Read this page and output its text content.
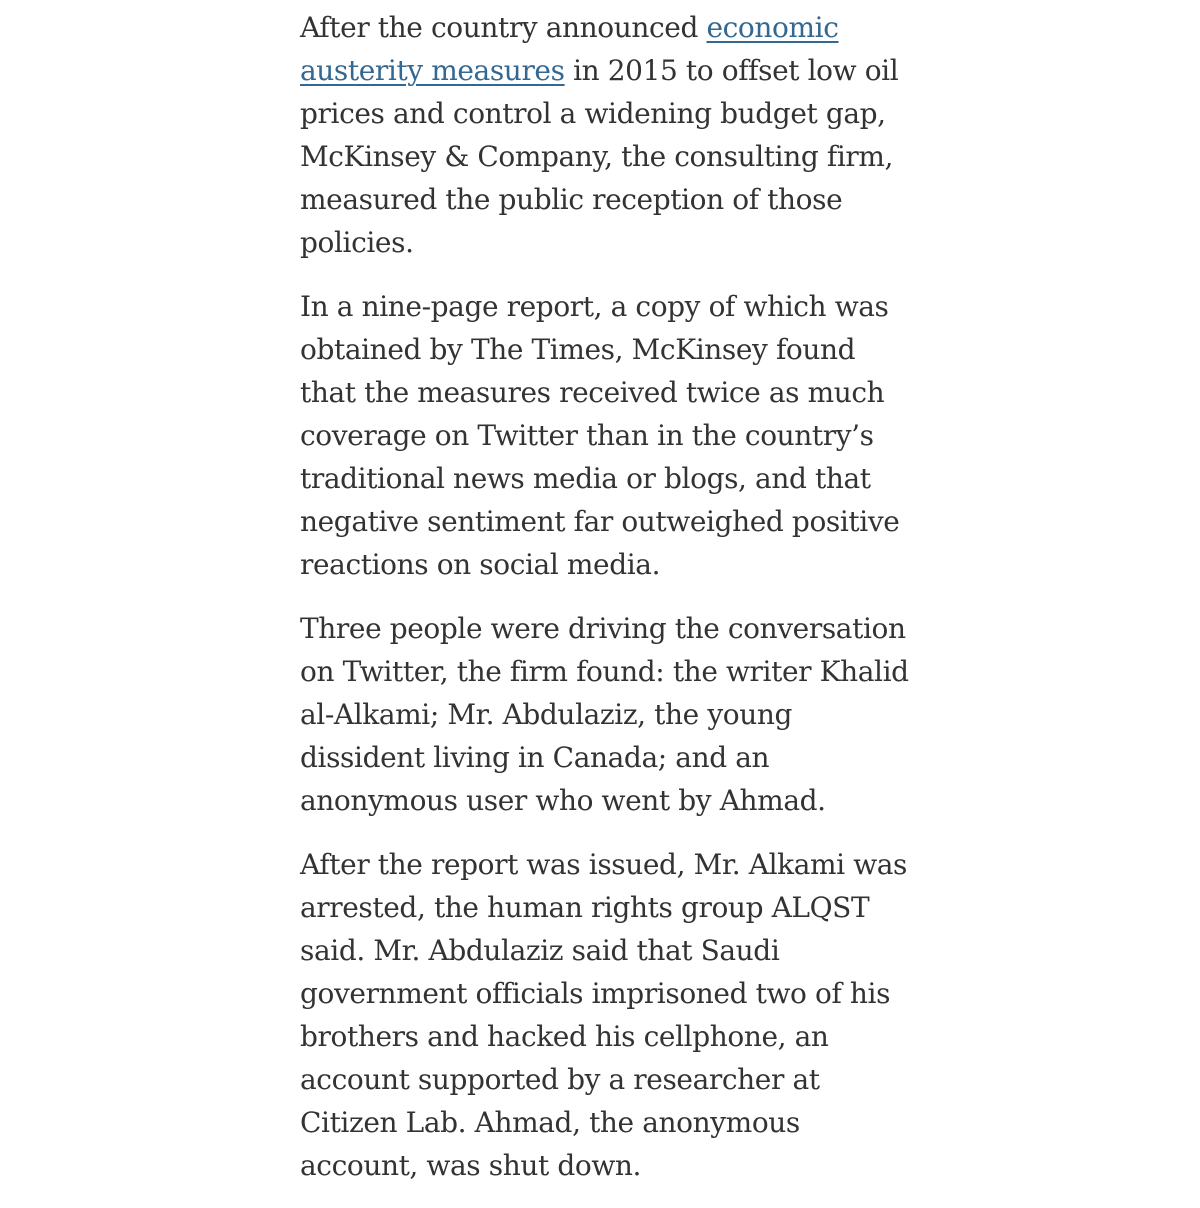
After the country announced economic
austerity measures in 2015 to offset low oil
prices and control a widening budget gap,
McKinsey & Company, the consulting firm,
measured the public reception of those
policies.

In a nine-page report, a copy of which was
obtained by The Times, McKinsey found
that the measures received twice as much
coverage on Twitter than in the country’s
traditional news media or blogs, and that
negative sentiment far outweighed positive
reactions on social media.

Three people were driving the conversation
on Twitter, the firm found: the writer Khalid
al-Alkami; Mr. Abdulaziz, the young
dissident living in Canada; and an
anonymous user who went by Ahmad.

After the report was issued, Mr. Alkami was
arrested, the human rights group ALQST
said. Mr. Abdulaziz said that Saudi
government officials imprisoned two of his
brothers and hacked his cellphone, an
account supported by a researcher at
Citizen Lab. Ahmad, the anonymous
account, was shut down.
